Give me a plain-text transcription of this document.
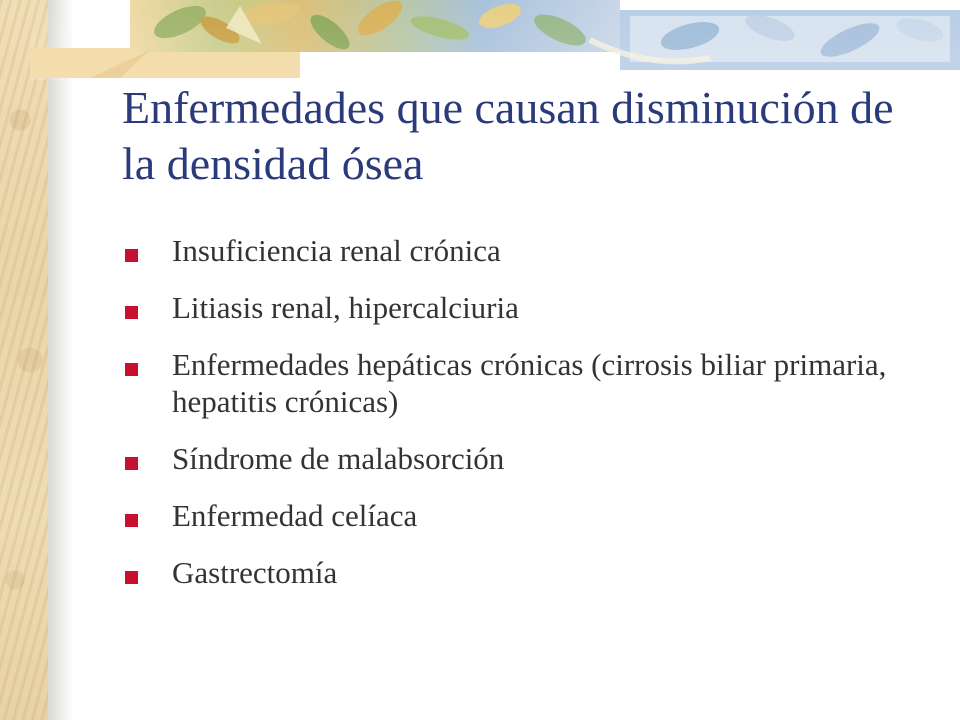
Enfermedades que causan disminución de la densidad ósea
Insuficiencia renal crónica
Litiasis renal, hipercalciuria
Enfermedades hepáticas crónicas (cirrosis biliar primaria, hepatitis crónicas)
Síndrome de malabsorción
Enfermedad celíaca
Gastrectomía
